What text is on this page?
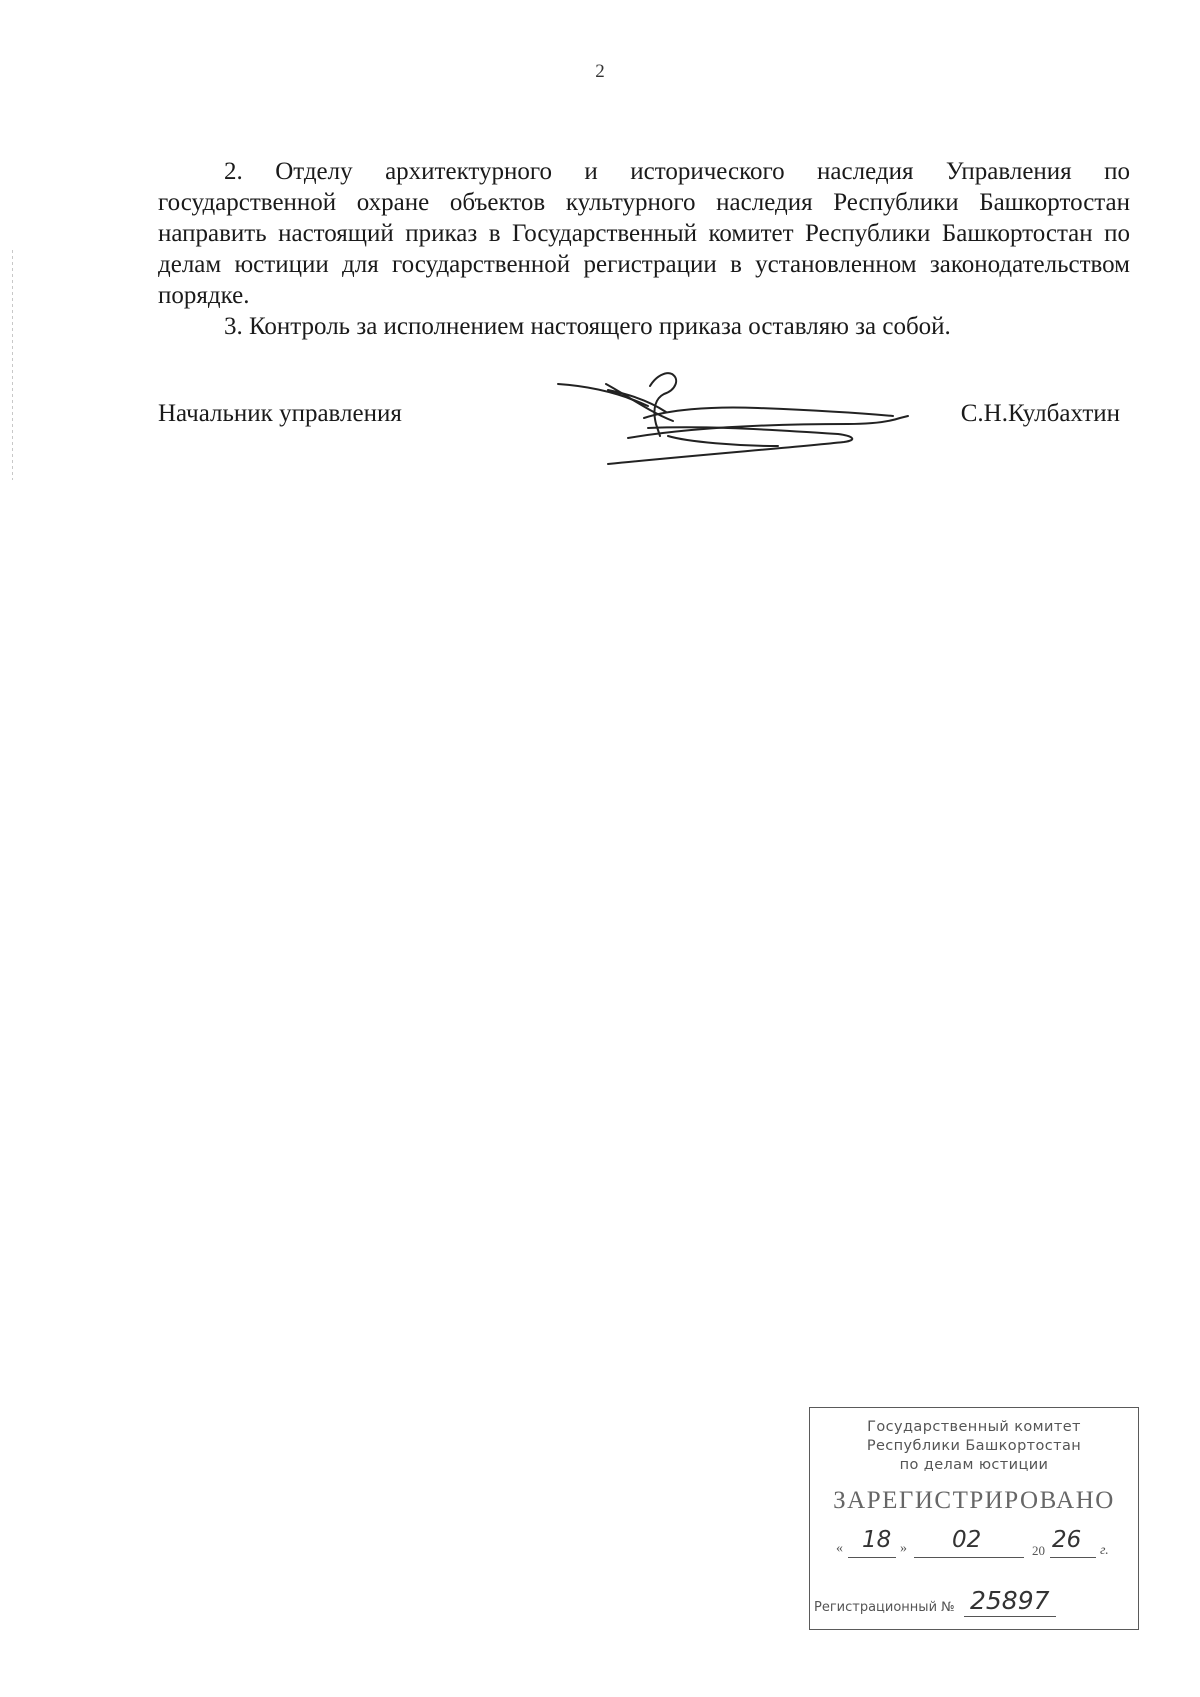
2

2. Отделу архитектурного и исторического наследия Управления по государственной охране объектов культурного наследия Республики Башкортостан направить настоящий приказ в Государственный комитет Республики Башкортостан по делам юстиции для государственной регистрации в установленном законодательством порядке.

3. Контроль за исполнением настоящего приказа оставляю за собой.

Начальник управления	С.Н.Кулбахтин
Государственный комитет
Республики Башкортостан
по делам юстиции
ЗАРЕГИСТРИРОВАНО
« 18 » 02	20 26 г.
Регистрационный № 25897
